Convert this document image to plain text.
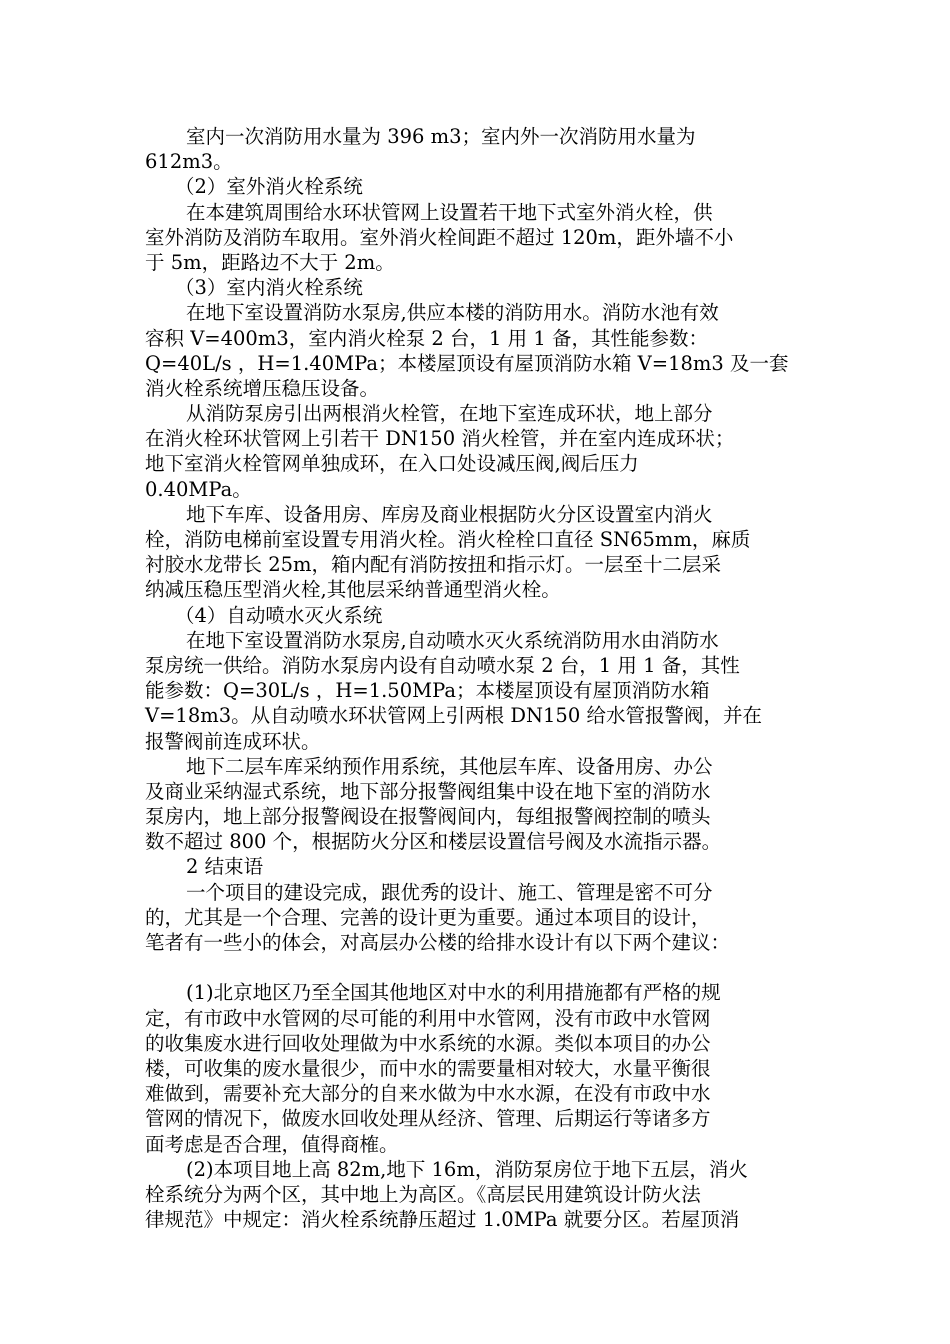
室内一次消防用水量为 396 m3；室内外一次消防用水量为
612m3。
（2）室外消火栓系统
在本建筑周围给水环状管网上设置若干地下式室外消火栓，供
室外消防及消防车取用。室外消火栓间距不超过 120m，距外墙不小
于 5m，距路边不大于 2m。
（3）室内消火栓系统
在地下室设置消防水泵房,供应本楼的消防用水。消防水池有效
容积 V=400m3，室内消火栓泵 2 台，1 用 1 备，其性能参数：
Q=40L/s ，H=1.40MPa；本楼屋顶设有屋顶消防水箱 V=18m3 及一套
消火栓系统增压稳压设备。
从消防泵房引出两根消火栓管，在地下室连成环状，地上部分
在消火栓环状管网上引若干 DN150 消火栓管，并在室内连成环状；
地下室消火栓管网单独成环，在入口处设减压阀,阀后压力
0.40MPa。
地下车库、设备用房、库房及商业根据防火分区设置室内消火
栓，消防电梯前室设置专用消火栓。消火栓栓口直径 SN65mm，麻质
衬胶水龙带长 25m，箱内配有消防按扭和指示灯。一层至十二层采
纳减压稳压型消火栓,其他层采纳普通型消火栓。
（4）自动喷水灭火系统
在地下室设置消防水泵房,自动喷水灭火系统消防用水由消防水
泵房统一供给。消防水泵房内设有自动喷水泵 2 台，1 用 1 备，其性
能参数：Q=30L/s ，H=1.50MPa；本楼屋顶设有屋顶消防水箱
V=18m3。从自动喷水环状管网上引两根 DN150 给水管报警阀，并在
报警阀前连成环状。
地下二层车库采纳预作用系统，其他层车库、设备用房、办公
及商业采纳湿式系统，地下部分报警阀组集中设在地下室的消防水
泵房内，地上部分报警阀设在报警阀间内，每组报警阀控制的喷头
数不超过 800 个，根据防火分区和楼层设置信号阀及水流指示器。
2 结束语
一个项目的建设完成，跟优秀的设计、施工、管理是密不可分
的，尤其是一个合理、完善的设计更为重要。通过本项目的设计，
笔者有一些小的体会，对高层办公楼的给排水设计有以下两个建议：
(1)北京地区乃至全国其他地区对中水的利用措施都有严格的规
定，有市政中水管网的尽可能的利用中水管网，没有市政中水管网
的收集废水进行回收处理做为中水系统的水源。类似本项目的办公
楼，可收集的废水量很少，而中水的需要量相对较大，水量平衡很
难做到，需要补充大部分的自来水做为中水水源，在没有市政中水
管网的情况下，做废水回收处理从经济、管理、后期运行等诸多方
面考虑是否合理，值得商榷。
(2)本项目地上高 82m,地下 16m，消防泵房位于地下五层，消火
栓系统分为两个区，其中地上为高区。《高层民用建筑设计防火法
律规范》中规定：消火栓系统静压超过 1.0MPa 就要分区。若屋顶消
